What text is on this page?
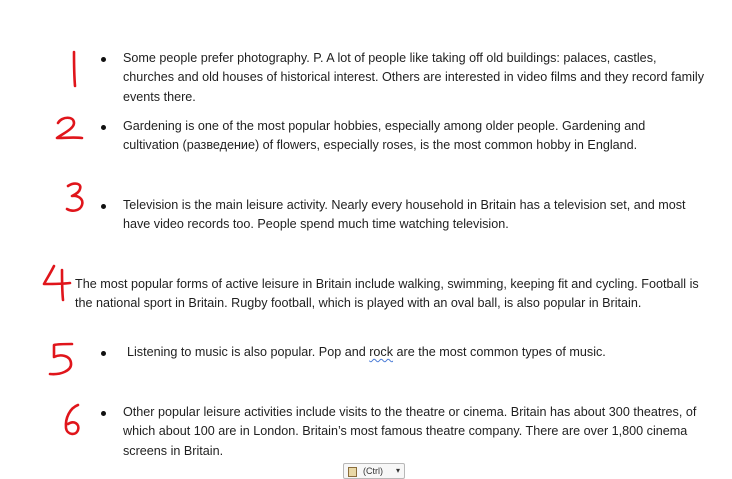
Some people prefer photography. P. A lot of people like taking off old buildings: palaces, castles, churches and old houses of historical interest. Others are interested in video films and they record family events there.
Gardening is one of the most popular hobbies, especially among older people. Gardening and cultivation (разведение) of flowers, especially roses, is the most common hobby in England.
Television is the main leisure activity. Nearly every household in Britain has a television set, and most have video records too. People spend much time watching television.
The most popular forms of active leisure in Britain include walking, swimming, keeping fit and cycling. Football is the national sport in Britain. Rugby football, which is played with an oval ball, is also popular in Britain.
Listening to music is also popular. Pop and rock are the most common types of music.
Other popular leisure activities include visits to the theatre or cinema. Britain has about 300 theatres, of which about 100 are in London. Britain’s most famous theatre company. There are over 1,800 cinema screens in Britain.
(Ctrl) ▾
